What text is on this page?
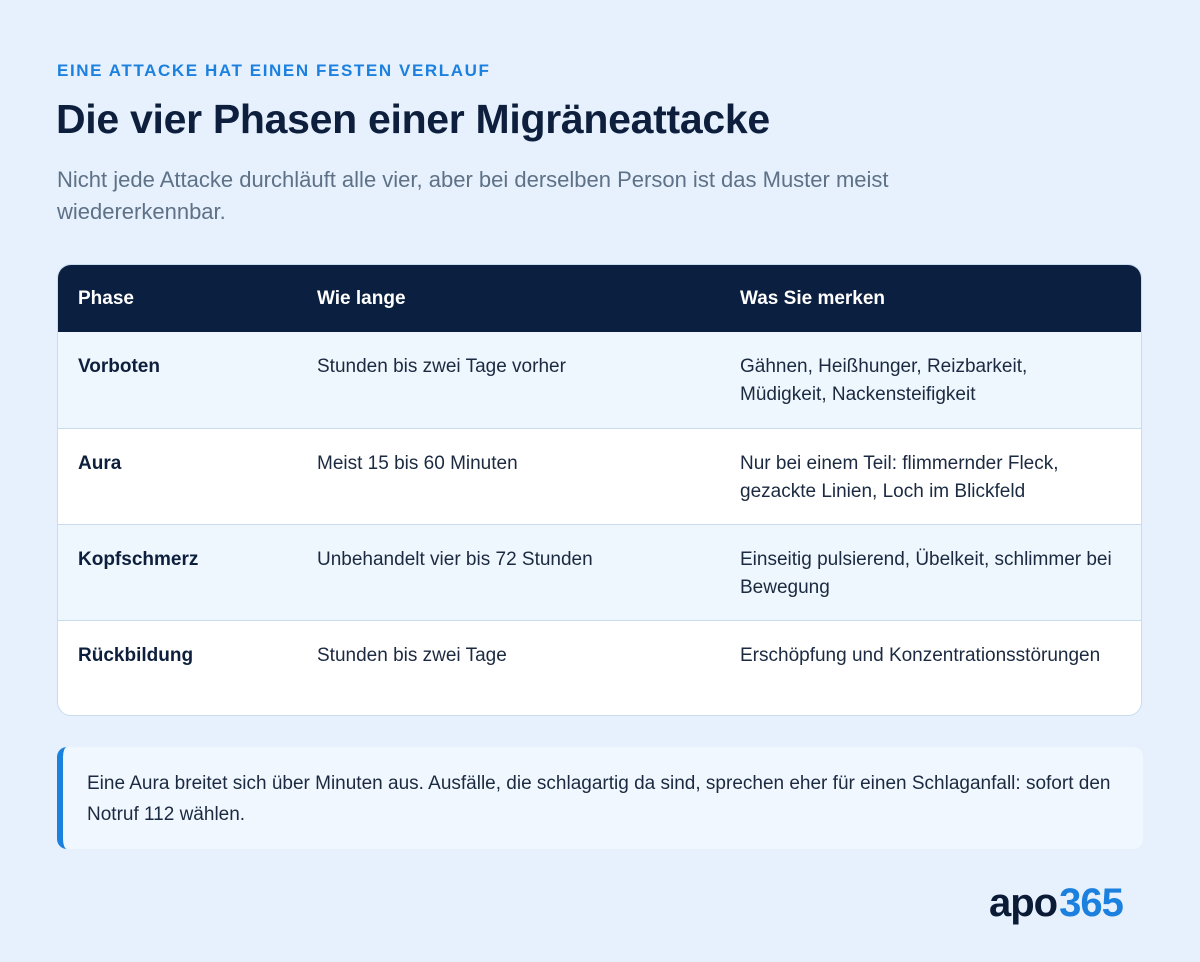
EINE ATTACKE HAT EINEN FESTEN VERLAUF
Die vier Phasen einer Migräneattacke

Nicht jede Attacke durchläuft alle vier, aber bei derselben Person ist das Muster meist wiedererkennbar.

Phase	Wie lange	Was Sie merken
Vorboten	Stunden bis zwei Tage vorher	Gähnen, Heißhunger, Reizbarkeit, Müdigkeit, Nackensteifigkeit
Aura	Meist 15 bis 60 Minuten	Nur bei einem Teil: flimmernder Fleck, gezackte Linien, Loch im Blickfeld
Kopfschmerz	Unbehandelt vier bis 72 Stunden	Einseitig pulsierend, Übelkeit, schlimmer bei Bewegung
Rückbildung	Stunden bis zwei Tage	Erschöpfung und Konzentrationsstörungen
Eine Aura breitet sich über Minuten aus. Ausfälle, die schlagartig da sind, sprechen eher für einen Schlaganfall: sofort den Notruf 112 wählen.
apo 365
